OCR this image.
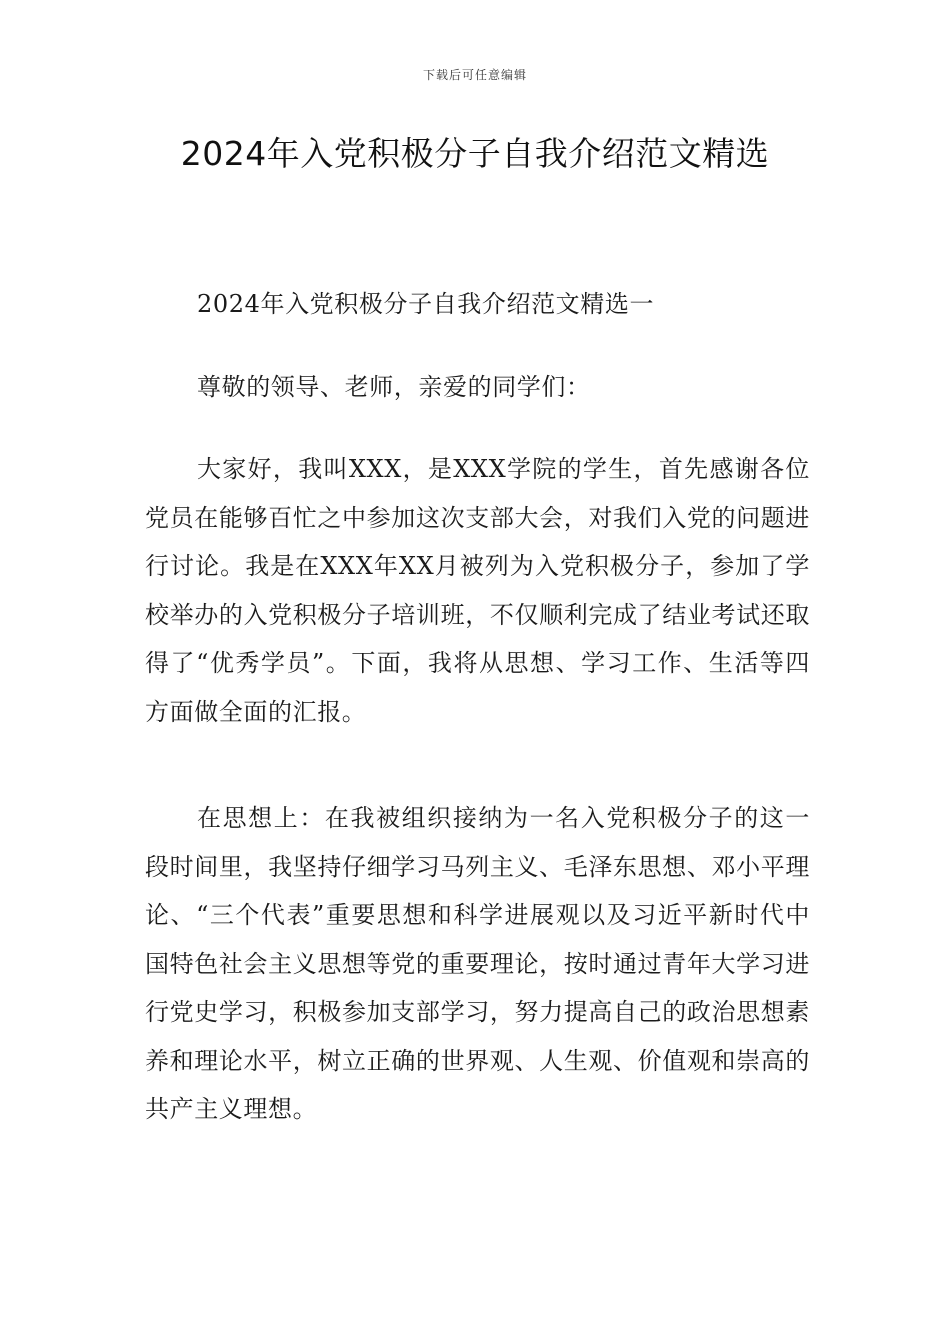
下载后可任意编辑
2024年入党积极分子自我介绍范文精选

2024年入党积极分子自我介绍范文精选一

尊敬的领导、老师，亲爱的同学们：

大家好，我叫XXX，是XXX学院的学生，首先感谢各位党员在能够百忙之中参加这次支部大会，对我们入党的问题进行讨论。我是在XXX年XX月被列为入党积极分子，参加了学校举办的入党积极分子培训班，不仅顺利完成了结业考试还取得了“优秀学员”。下面，我将从思想、学习工作、生活等四方面做全面的汇报。

在思想上：在我被组织接纳为一名入党积极分子的这一段时间里，我坚持仔细学习马列主义、毛泽东思想、邓小平理论、“三个代表”重要思想和科学进展观以及习近平新时代中国特色社会主义思想等党的重要理论，按时通过青年大学习进行党史学习，积极参加支部学习，努力提高自己的政治思想素养和理论水平，树立正确的世界观、人生观、价值观和崇高的共产主义理想。
